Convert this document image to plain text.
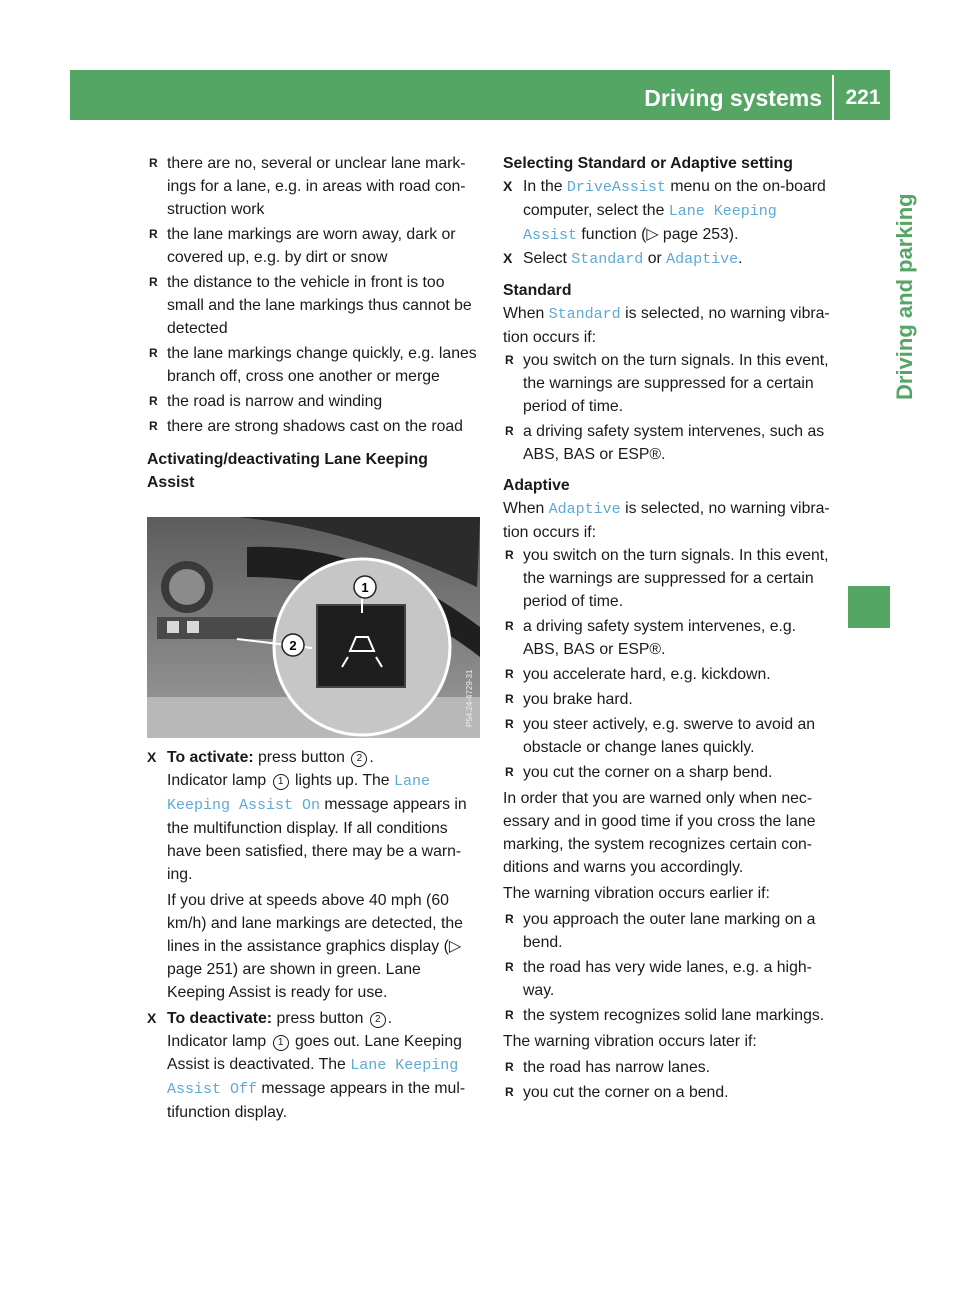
Driving systems	221
Driving and parking
R there are no, several or unclear lane mark-ings for a lane, e.g. in areas with road con-struction work
R the lane markings are worn away, dark or covered up, e.g. by dirt or snow
R the distance to the vehicle in front is too small and the lane markings thus cannot be detected
R the lane markings change quickly, e.g. lanes branch off, cross one another or merge
R the road is narrow and winding
R there are strong shadows cast on the road
Activating/deactivating Lane Keeping Assist
1
2
P54.24-4729-31
X To activate: press button 2 .
Indicator lamp 1 lights up. The Lane Keeping Assist On message appears in the multifunction display. If all conditions have been satisfied, there may be a warn-ing.
If you drive at speeds above 40 mph (60 km/h) and lane markings are detected, the lines in the assistance graphics display (▷ page 251) are shown in green. Lane Keeping Assist is ready for use.
X To deactivate: press button 2 .
Indicator lamp 1 goes out. Lane Keeping Assist is deactivated. The Lane Keeping Assist Off message appears in the mul-tifunction display.
Selecting Standard or Adaptive setting
X In the DriveAssist menu on the on-board computer, select the Lane Keeping Assist function (▷ page 253).
X Select Standard or Adaptive.
Standard
When Standard is selected, no warning vibra-tion occurs if:
R you switch on the turn signals. In this event, the warnings are suppressed for a certain period of time.
R a driving safety system intervenes, such as ABS, BAS or ESP®.
Adaptive
When Adaptive is selected, no warning vibra-tion occurs if:
R you switch on the turn signals. In this event, the warnings are suppressed for a certain period of time.
R a driving safety system intervenes, e.g. ABS, BAS or ESP®.
R you accelerate hard, e.g. kickdown.
R you brake hard.
R you steer actively, e.g. swerve to avoid an obstacle or change lanes quickly.
R you cut the corner on a sharp bend.
In order that you are warned only when nec-essary and in good time if you cross the lane marking, the system recognizes certain con-ditions and warns you accordingly.
The warning vibration occurs earlier if:
R you approach the outer lane marking on a bend.
R the road has very wide lanes, e.g. a high-way.
R the system recognizes solid lane markings.
The warning vibration occurs later if:
R the road has narrow lanes.
R you cut the corner on a bend.
